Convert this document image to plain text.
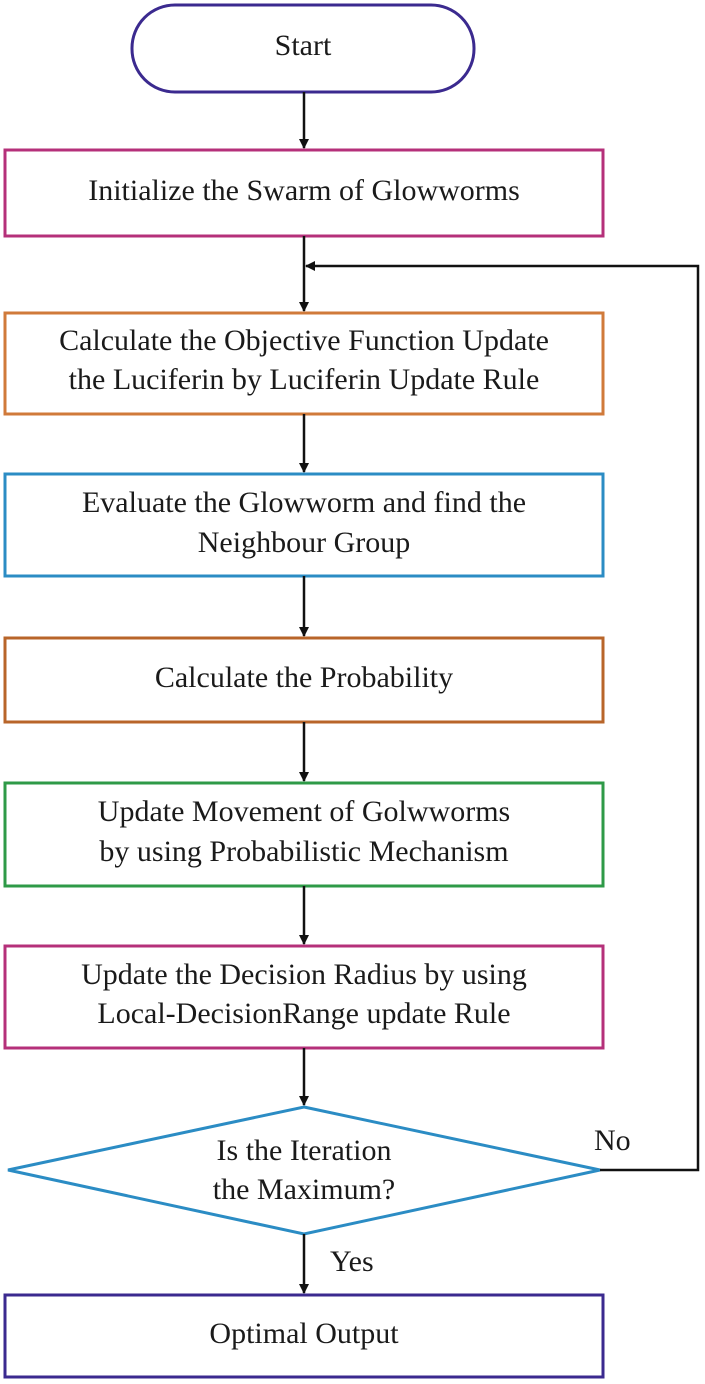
Start
Initialize the Swarm of Glowworms
Calculate the Objective Function Update
the Luciferin by Luciferin Update Rule
Evaluate the Glowworm and find the
Neighbour Group
Calculate the Probability
Update Movement of Golwworms
by using Probabilistic Mechanism
Update the Decision Radius by using
Local-DecisionRange update Rule
Is the Iteration
the Maximum?
Optimal Output
No
Yes
